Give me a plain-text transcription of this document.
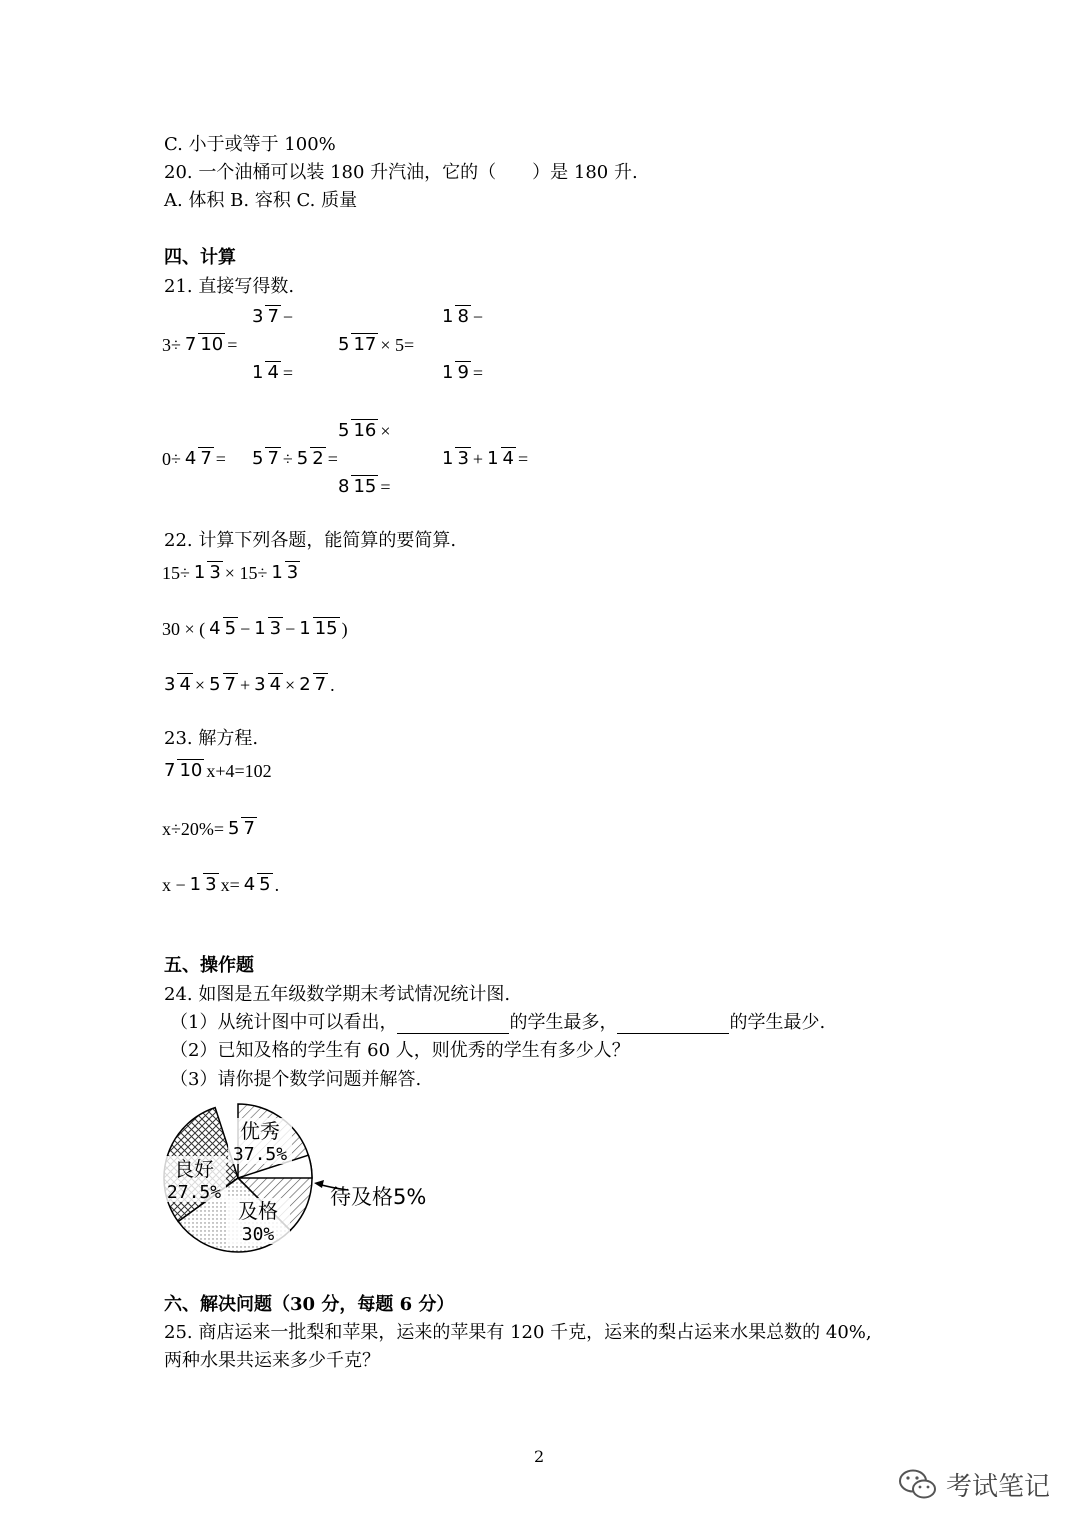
C. 小于或等于 100%
20. 一个油桶可以装 180 升汽油，它的（ ）是 180 升.
A. 体积 B. 容积 C. 质量
四、计算
21. 直接写得数.
3÷ 7 10 =
3 7 −
1 4 =
5 17 × 5=
1 8 −
1 9 =
0÷ 4 7 = 5 7 ÷ 5 2 =
5 16 ×
8 15 =
1 3 + 1 4 =
22. 计算下列各题，能简算的要简算.
15÷ 1 3 × 15÷ 1 3
30 × ( 4 5 − 1 3 − 1 15 )
3 4 × 5 7 + 3 4 × 2 7 .
23. 解方程.
7 10 x+4=102
x÷20%= 5 7
x − 1 3 x= 4 5 .
五、操作题
24. 如图是五年级数学期末考试情况统计图.
（1）从统计图中可以看出，	的学生最多，	的学生最少.
（2）已知及格的学生有 60 人，则优秀的学生有多少人？
（3）请你提个数学问题并解答.
优秀
37.5%
良好
27.5%
及格
30%
待及格5%
六、解决问题（30 分，每题 6 分）
25. 商店运来一批梨和苹果，运来的苹果有 120 千克，运来的梨占运来水果总数的 40%,
两种水果共运来多少千克？
2
考试笔记
